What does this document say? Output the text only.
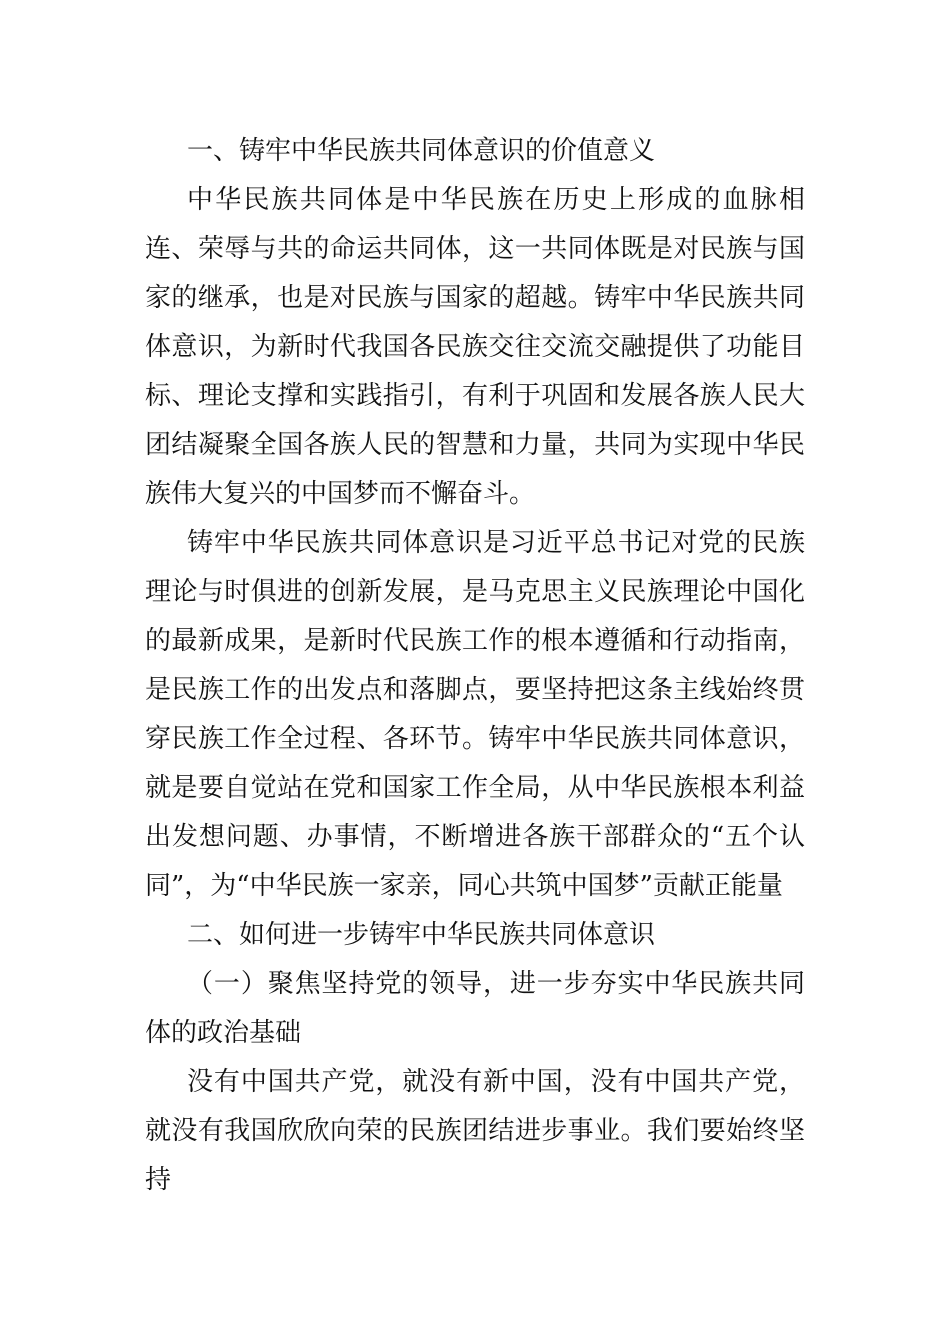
一、铸牢中华民族共同体意识的价值意义

中华民族共同体是中华民族在历史上形成的血脉相连、荣辱与共的命运共同体，这一共同体既是对民族与国家的继承，也是对民族与国家的超越。铸牢中华民族共同体意识，为新时代我国各民族交往交流交融提供了功能目标、理论支撑和实践指引，有利于巩固和发展各族人民大团结凝聚全国各族人民的智慧和力量，共同为实现中华民族伟大复兴的中国梦而不懈奋斗。

铸牢中华民族共同体意识是习近平总书记对党的民族理论与时俱进的创新发展，是马克思主义民族理论中国化的最新成果，是新时代民族工作的根本遵循和行动指南，是民族工作的出发点和落脚点，要坚持把这条主线始终贯穿民族工作全过程、各环节。铸牢中华民族共同体意识，就是要自觉站在党和国家工作全局，从中华民族根本利益出发想问题、办事情，不断增进各族干部群众的“五个认同”，为“中华民族一家亲，同心共筑中国梦”贡献正能量

二、如何进一步铸牢中华民族共同体意识

（一）聚焦坚持党的领导，进一步夯实中华民族共同体的政治基础

没有中国共产党，就没有新中国，没有中国共产党，就没有我国欣欣向荣的民族团结进步事业。我们要始终坚持
